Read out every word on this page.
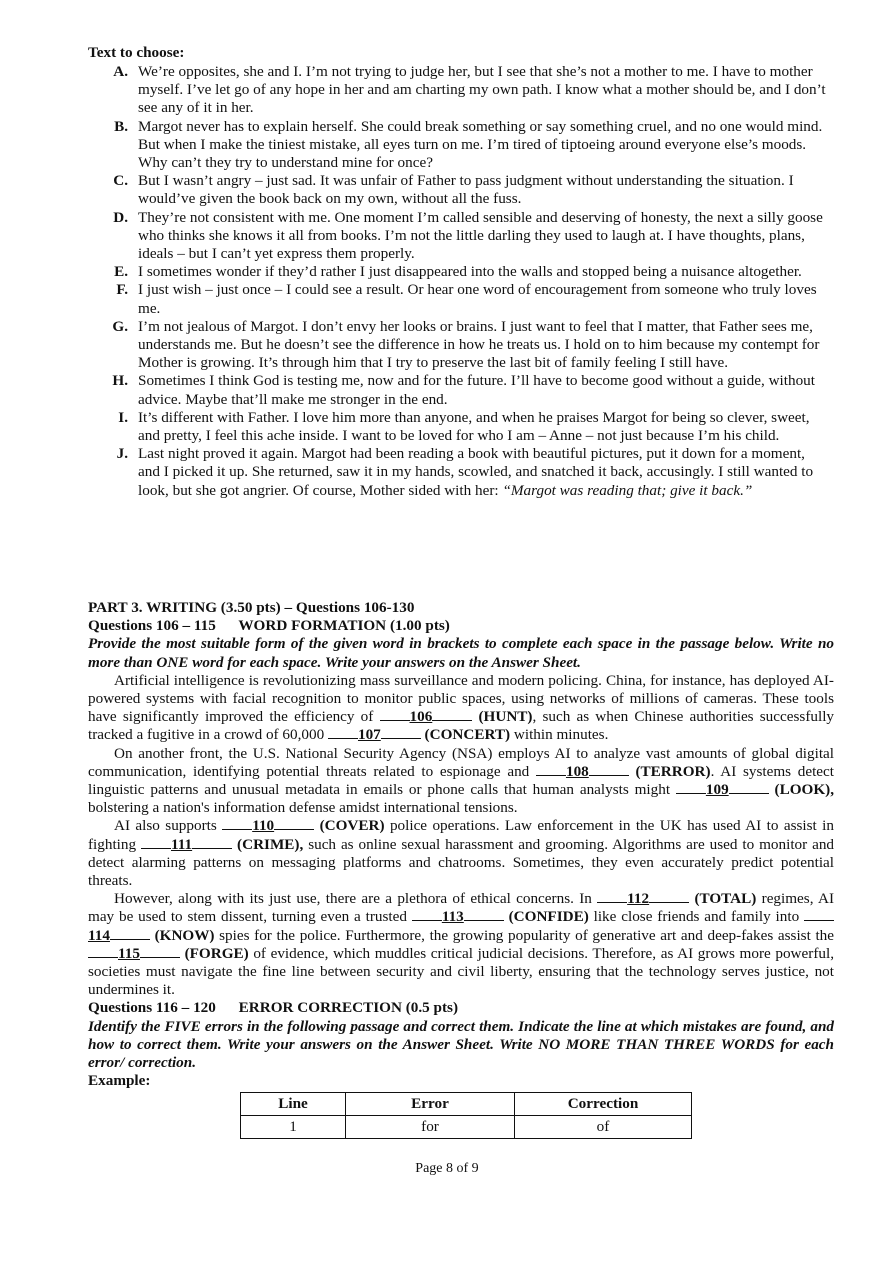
Text to choose:
A. We’re opposites, she and I. I’m not trying to judge her, but I see that she’s not a mother to me. I have to mother myself. I’ve let go of any hope in her and am charting my own path. I know what a mother should be, and I don’t see any of it in her.
B. Margot never has to explain herself. She could break something or say something cruel, and no one would mind. But when I make the tiniest mistake, all eyes turn on me. I’m tired of tiptoeing around everyone else’s moods. Why can’t they try to understand mine for once?
C. But I wasn’t angry – just sad. It was unfair of Father to pass judgment without understanding the situation. I would’ve given the book back on my own, without all the fuss.
D. They’re not consistent with me. One moment I’m called sensible and deserving of honesty, the next a silly goose who thinks she knows it all from books. I’m not the little darling they used to laugh at. I have thoughts, plans, ideals – but I can’t yet express them properly.
E. I sometimes wonder if they’d rather I just disappeared into the walls and stopped being a nuisance altogether.
F. I just wish – just once – I could see a result. Or hear one word of encouragement from someone who truly loves me.
G. I’m not jealous of Margot. I don’t envy her looks or brains. I just want to feel that I matter, that Father sees me, understands me. But he doesn’t see the difference in how he treats us. I hold on to him because my contempt for Mother is growing. It’s through him that I try to preserve the last bit of family feeling I still have.
H. Sometimes I think God is testing me, now and for the future. I’ll have to become good without a guide, without advice. Maybe that’ll make me stronger in the end.
I. It’s different with Father. I love him more than anyone, and when he praises Margot for being so clever, sweet, and pretty, I feel this ache inside. I want to be loved for who I am – Anne – not just because I’m his child.
J. Last night proved it again. Margot had been reading a book with beautiful pictures, put it down for a moment, and I picked it up. She returned, saw it in my hands, scowled, and snatched it back, accusingly. I still wanted to look, but she got angrier. Of course, Mother sided with her: “Margot was reading that; give it back.”
PART 3. WRITING (3.50 pts) – Questions 106-130
Questions 106 – 115      WORD FORMATION (1.00 pts)
Provide the most suitable form of the given word in brackets to complete each space in the passage below. Write no more than ONE word for each space. Write your answers on the Answer Sheet.
Artificial intelligence is revolutionizing mass surveillance and modern policing. China, for instance, has deployed AI-powered systems with facial recognition to monitor public spaces, using networks of millions of cameras. These tools have significantly improved the efficiency of 106	(HUNT), such as when Chinese authorities successfully tracked a fugitive in a crowd of 60,000 107	(CONCERT) within minutes.
On another front, the U.S. National Security Agency (NSA) employs AI to analyze vast amounts of global digital communication, identifying potential threats related to espionage and 108	(TERROR). AI systems detect linguistic patterns and unusual metadata in emails or phone calls that human analysts might 109	(LOOK), bolstering a nation's information defense amidst international tensions.
AI also supports 110	(COVER) police operations. Law enforcement in the UK has used AI to assist in fighting 111	(CRIME), such as online sexual harassment and grooming. Algorithms are used to monitor and detect alarming patterns on messaging platforms and chatrooms. Sometimes, they even accurately predict potential threats.
However, along with its just use, there are a plethora of ethical concerns. In 112	(TOTAL) regimes, AI may be used to stem dissent, turning even a trusted 113	(CONFIDE) like close friends and family into 114	(KNOW) spies for the police. Furthermore, the growing popularity of generative art and deep-fakes assist the 115	(FORGE) of evidence, which muddles critical judicial decisions. Therefore, as AI grows more powerful, societies must navigate the fine line between security and civil liberty, ensuring that the technology serves justice, not undermines it.
Questions 116 – 120      ERROR CORRECTION (0.5 pts)
Identify the FIVE errors in the following passage and correct them. Indicate the line at which mistakes are found, and how to correct them. Write your answers on the Answer Sheet. Write NO MORE THAN THREE WORDS for each error/ correction.
Example:
Line	Error	Correction
1	for	of
Page 8 of 9
